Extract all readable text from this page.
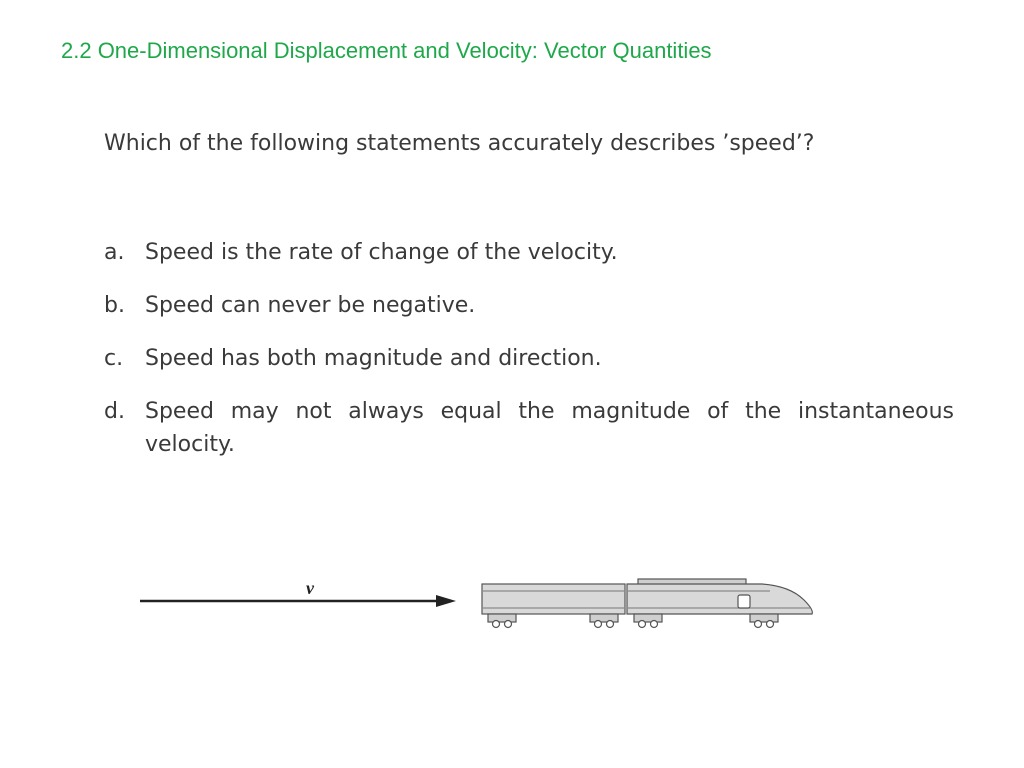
2.2 One-Dimensional Displacement and Velocity: Vector Quantities
Which of the following statements accurately describes ’speed’?
a. Speed is the rate of change of the velocity.
b. Speed can never be negative.
c. Speed has both magnitude and direction.
d. Speed may not always equal the magnitude of the instantaneous velocity.
v
